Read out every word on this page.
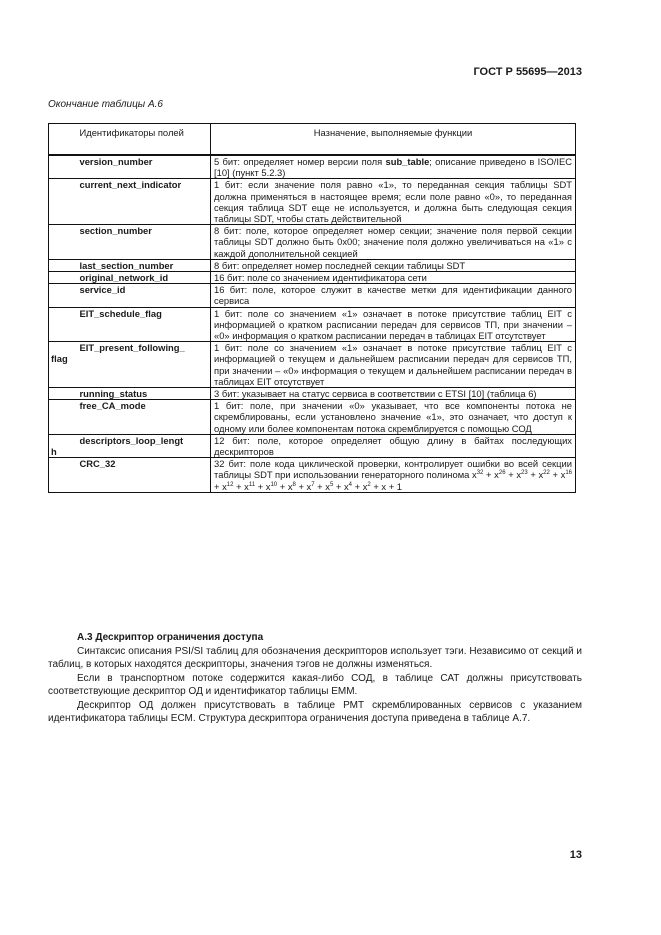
ГОСТ Р 55695—2013
Окончание таблицы А.6
	Идентификаторы полей	Назначение, выполняемые функции
	version_number	5 бит: определяет номер версии поля sub_table; описание приведено в ISO/IEC [10] (пункт 5.2.3)
	current_next_indicator	1 бит: если значение поля равно «1», то переданная секция таблицы SDT должна применяться в настоящее время; если поле равно «0», то переданная секция таблица SDT еще не используется, и должна быть следующая секция таблицы SDT, чтобы стать действительной
	section_number	8 бит: поле, которое определяет номер секции; значение поля первой секции таблицы SDT должно быть 0х00; значение поля должно увеличиваться на «1» с каждой дополнительной секцией
	last_section_number	8 бит: определяет номер последней секции таблицы SDT
	original_network_id	16 бит: поле со значением идентификатора сети
	service_id	16 бит: поле, которое служит в качестве метки для идентификации данного сервиса
	EIT_schedule_flag	1 бит: поле со значением «1» означает в потоке присутствие таблиц EIT с информацией о кратком расписании передач для сервисов ТП, при значении – «0» информация о кратком расписании передач в таблицах EIT отсутствует

flag	EIT_present_following_	1 бит: поле со значением «1» означает в потоке присутствие таблиц EIT с информацией о текущем и дальнейшем расписании передач для сервисов ТП, при значении – «0» информация о текущем и дальнейшем расписании передач в таблицах EIT отсутствует
	running_status	3 бит: указывает на статус сервиса в соответствии с ETSI [10] (таблица 6)
	free_CA_mode	1 бит: поле, при значении «0» указывает, что все компоненты потока не скремблированы, если установлено значение «1», это означает, что доступ к одному или более компонентам потока скремблируется с помощью СОД

h	descriptors_loop_lengt	12 бит: поле, которое определяет общую длину в байтах последующих дескрипторов
	CRC_32	32 бит: поле кода циклической проверки, контролирует ошибки во всей секции таблицы SDT при использовании генераторного полинома $x^{32} + x^{26} + x^{23} + x^{22} + x^{16} + x^{12} + x^{11} + x^{10} + x^8 + x^7 + x^5 + x^4 + x^2 + x + 1$
А.3 Дескриптор ограничения доступа

Синтаксис описания PSI/SI таблиц для обозначения дескрипторов использует тэги. Независимо от секций и таблиц, в которых находятся дескрипторы, значения тэгов не должны изменяться.

Если в транспортном потоке содержится какая-либо СОД, в таблице САТ должны присутствовать соответствующие дескриптор ОД и идентификатор таблицы ЕММ.

Дескриптор ОД должен присутствовать в таблице РМТ скремблированных сервисов с указанием идентификатора таблицы ЕСМ. Структура дескриптора ограничения доступа приведена в таблице А.7.

13
